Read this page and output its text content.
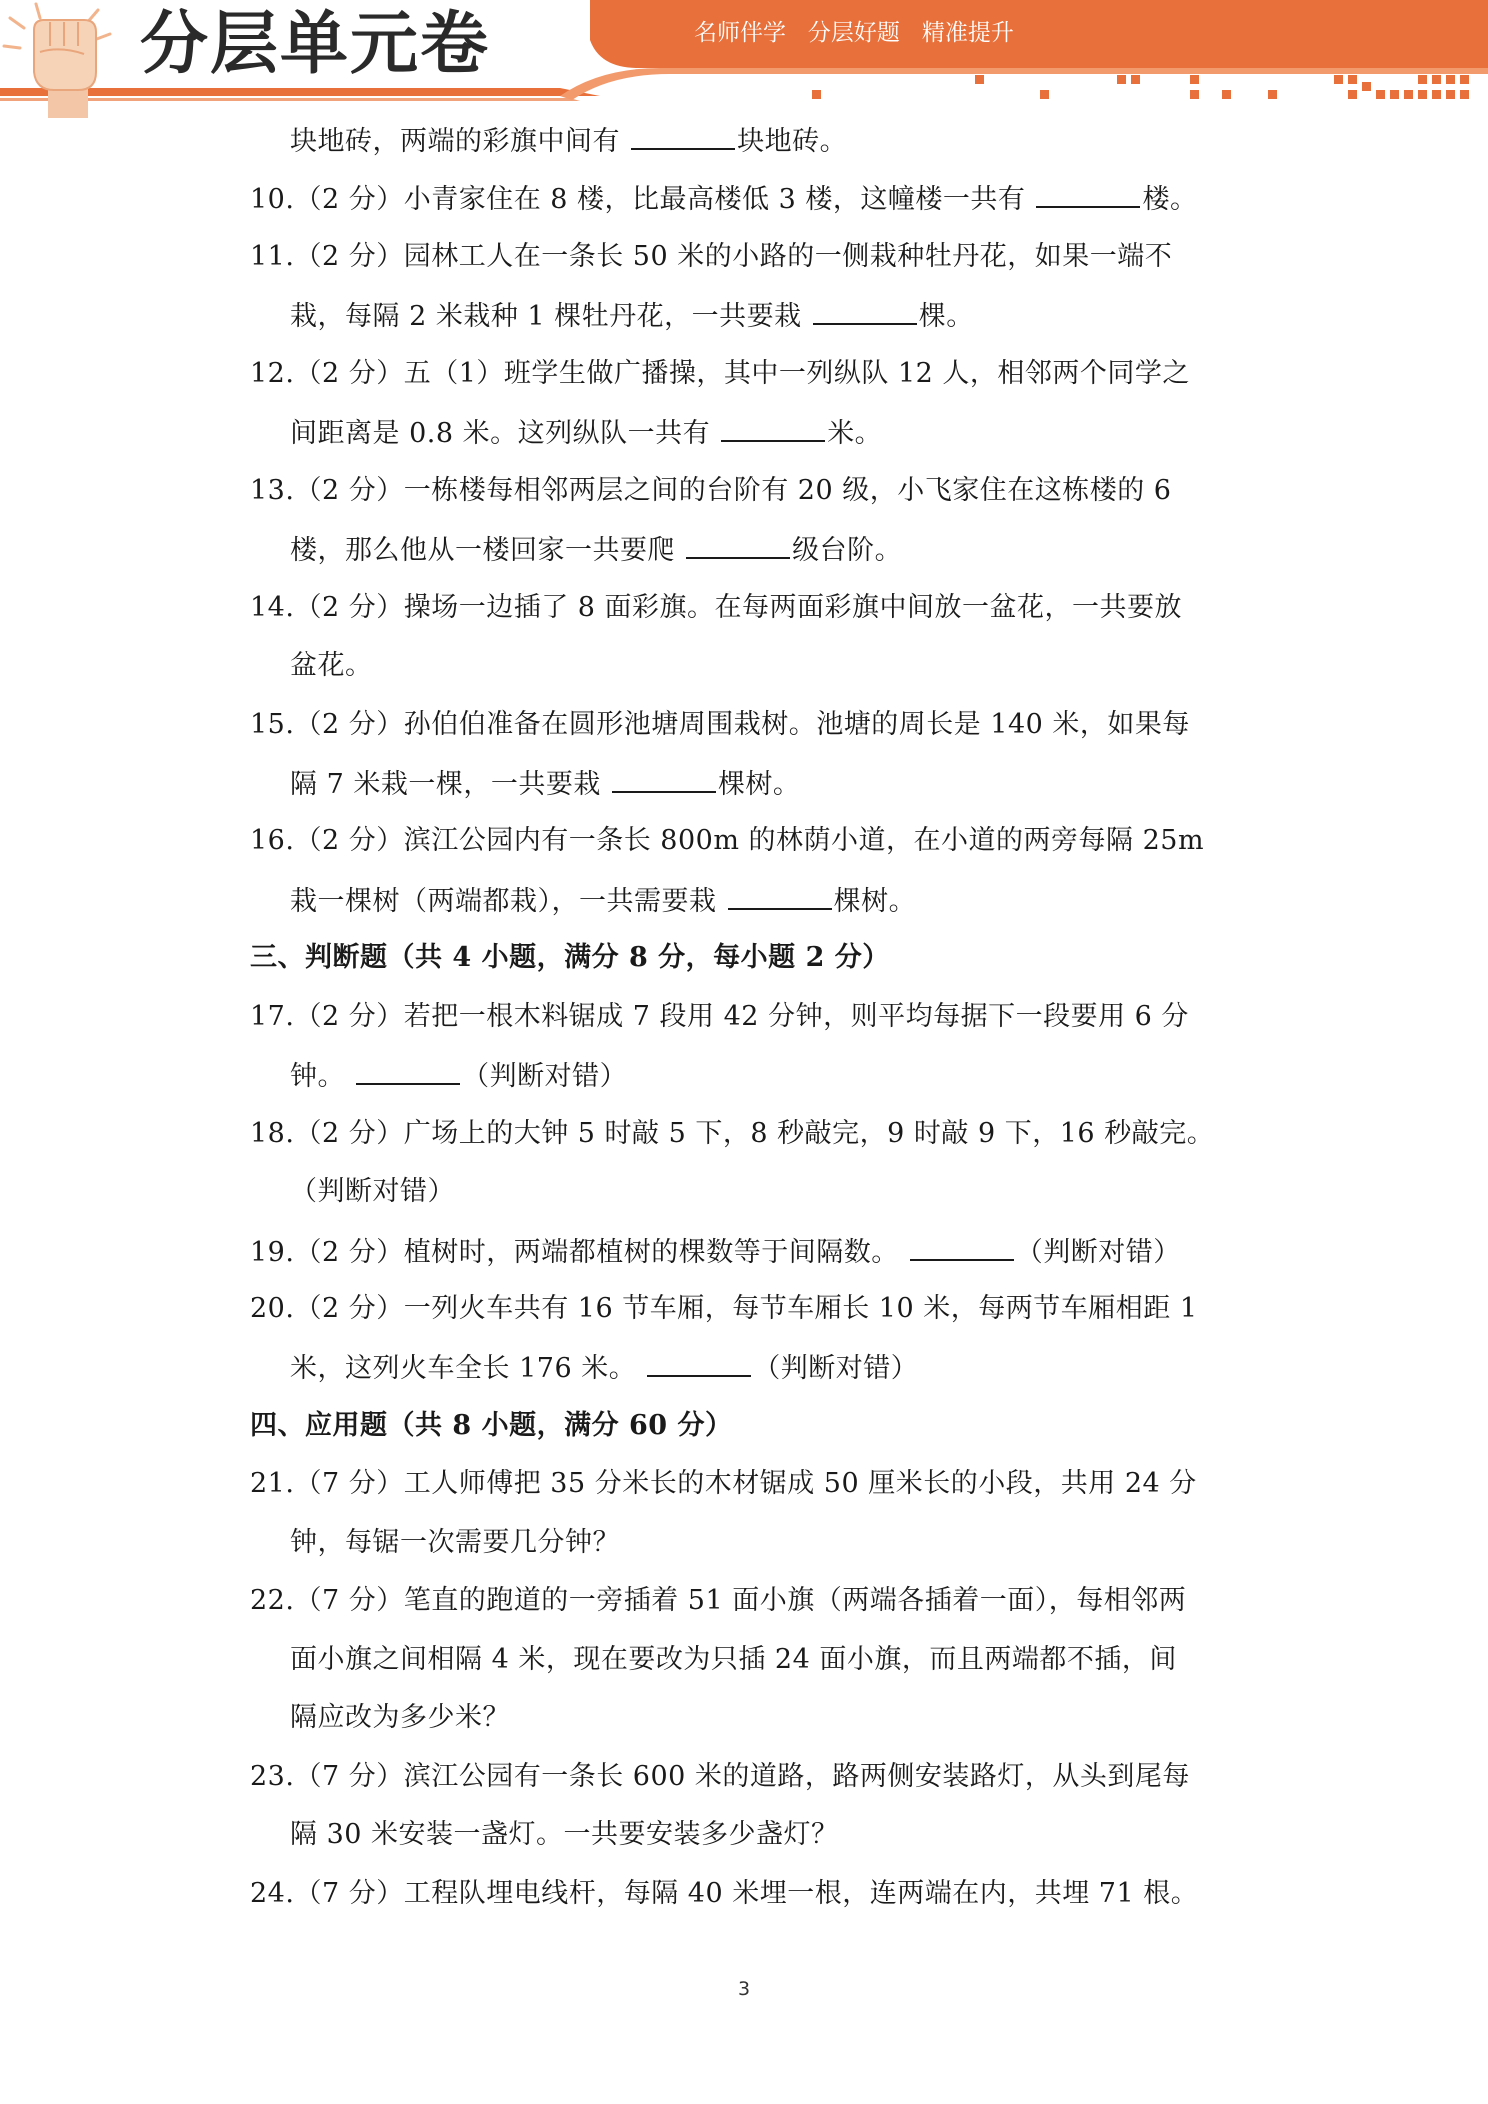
分层单元卷	名师伴学   分层好题   精准提升
块地砖，两端的彩旗中间有	块地砖。
10.（2 分）小青家住在 8 楼，比最高楼低 3 楼，这幢楼一共有	楼。
11.（2 分）园林工人在一条长 50 米的小路的一侧栽种牡丹花，如果一端不
栽，每隔 2 米栽种 1 棵牡丹花，一共要栽	棵。
12.（2 分）五（1）班学生做广播操，其中一列纵队 12 人，相邻两个同学之
间距离是 0.8 米。这列纵队一共有	米。
13.（2 分）一栋楼每相邻两层之间的台阶有 20 级，小飞家住在这栋楼的 6
楼，那么他从一楼回家一共要爬	级台阶。
14.（2 分）操场一边插了 8 面彩旗。在每两面彩旗中间放一盆花，一共要放
盆花。
15.（2 分）孙伯伯准备在圆形池塘周围栽树。池塘的周长是 140 米，如果每
隔 7 米栽一棵，一共要栽	棵树。
16.（2 分）滨江公园内有一条长 800m 的林荫小道，在小道的两旁每隔 25m
栽一棵树（两端都栽），一共需要栽	棵树。
三、判断题（共 4 小题，满分 8 分，每小题 2 分）
17.（2 分）若把一根木料锯成 7 段用 42 分钟，则平均每据下一段要用 6 分
钟。	（判断对错）
18.（2 分）广场上的大钟 5 时敲 5 下，8 秒敲完，9 时敲 9 下，16 秒敲完。
（判断对错）
19.（2 分）植树时，两端都植树的棵数等于间隔数。	（判断对错）
20.（2 分）一列火车共有 16 节车厢，每节车厢长 10 米，每两节车厢相距 1
米，这列火车全长 176 米。	（判断对错）
四、应用题（共 8 小题，满分 60 分）
21.（7 分）工人师傅把 35 分米长的木材锯成 50 厘米长的小段，共用 24 分
钟，每锯一次需要几分钟？
22.（7 分）笔直的跑道的一旁插着 51 面小旗（两端各插着一面），每相邻两
面小旗之间相隔 4 米，现在要改为只插 24 面小旗，而且两端都不插，间
隔应改为多少米？
23.（7 分）滨江公园有一条长 600 米的道路，路两侧安装路灯，从头到尾每
隔 30 米安装一盏灯。一共要安装多少盏灯？
24.（7 分）工程队埋电线杆，每隔 40 米埋一根，连两端在内，共埋 71 根。
3
